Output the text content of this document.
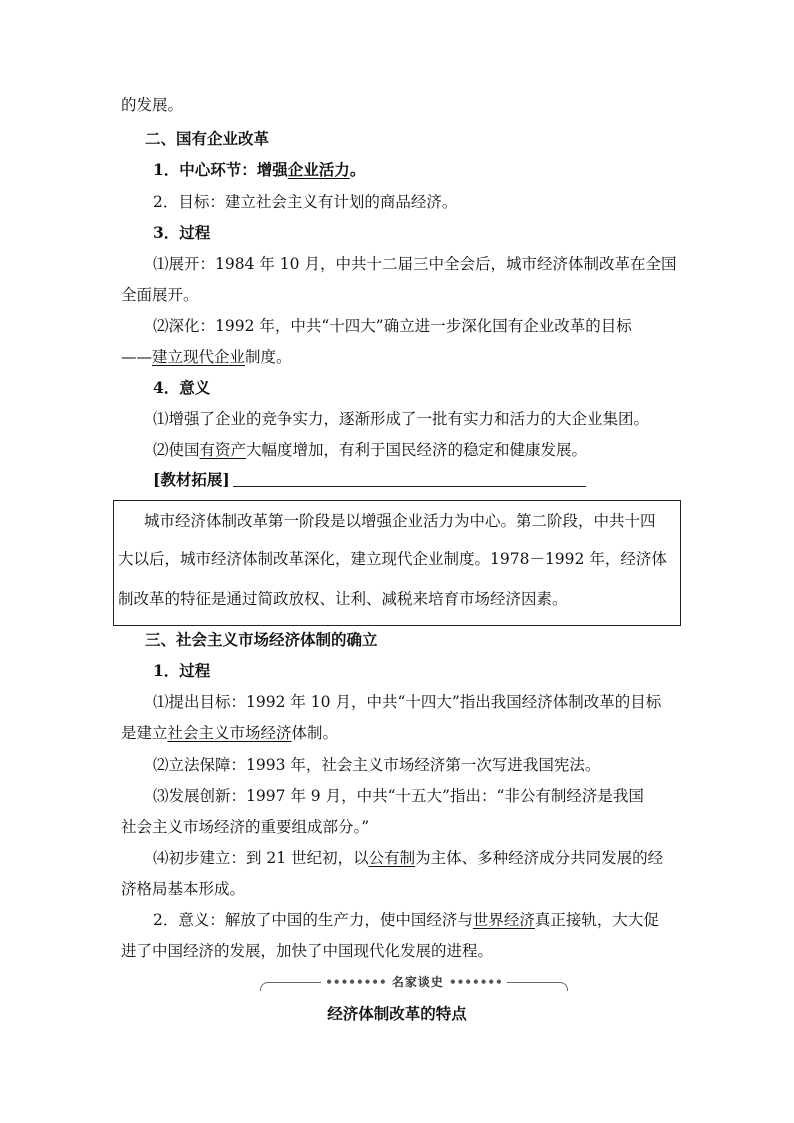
的发展。
二、国有企业改革
1．中心环节：增强企业活力。
2．目标：建立社会主义有计划的商品经济。
3．过程
⑴展开：1984 年 10 月，中共十二届三中全会后，城市经济体制改革在全国
全面展开。
⑵深化：1992 年，中共“十四大”确立进一步深化国有企业改革的目标
——建立现代企业制度。
4．意义
⑴增强了企业的竞争实力，逐渐形成了一批有实力和活力的大企业集团。
⑵使国有资产大幅度增加，有利于国民经济的稳定和健康发展。
[教材拓展]
城市经济体制改革第一阶段是以增强企业活力为中心。第二阶段，中共十四
大以后，城市经济体制改革深化，建立现代企业制度。1978－1992 年，经济体
制改革的特征是通过简政放权、让利、减税来培育市场经济因素。
三、社会主义市场经济体制的确立
1．过程
⑴提出目标：1992 年 10 月，中共“十四大”指出我国经济体制改革的目标
是建立社会主义市场经济体制。
⑵立法保障：1993 年，社会主义市场经济第一次写进我国宪法。
⑶发展创新：1997 年 9 月，中共“十五大”指出：“非公有制经济是我国
社会主义市场经济的重要组成部分。”
⑷初步建立：到 21 世纪初，以公有制为主体、多种经济成分共同发展的经
济格局基本形成。
2．意义：解放了中国的生产力，使中国经济与世界经济真正接轨，大大促
进了中国经济的发展，加快了中国现代化发展的进程。
•••••••• 名家谈史 •••••••
经济体制改革的特点
